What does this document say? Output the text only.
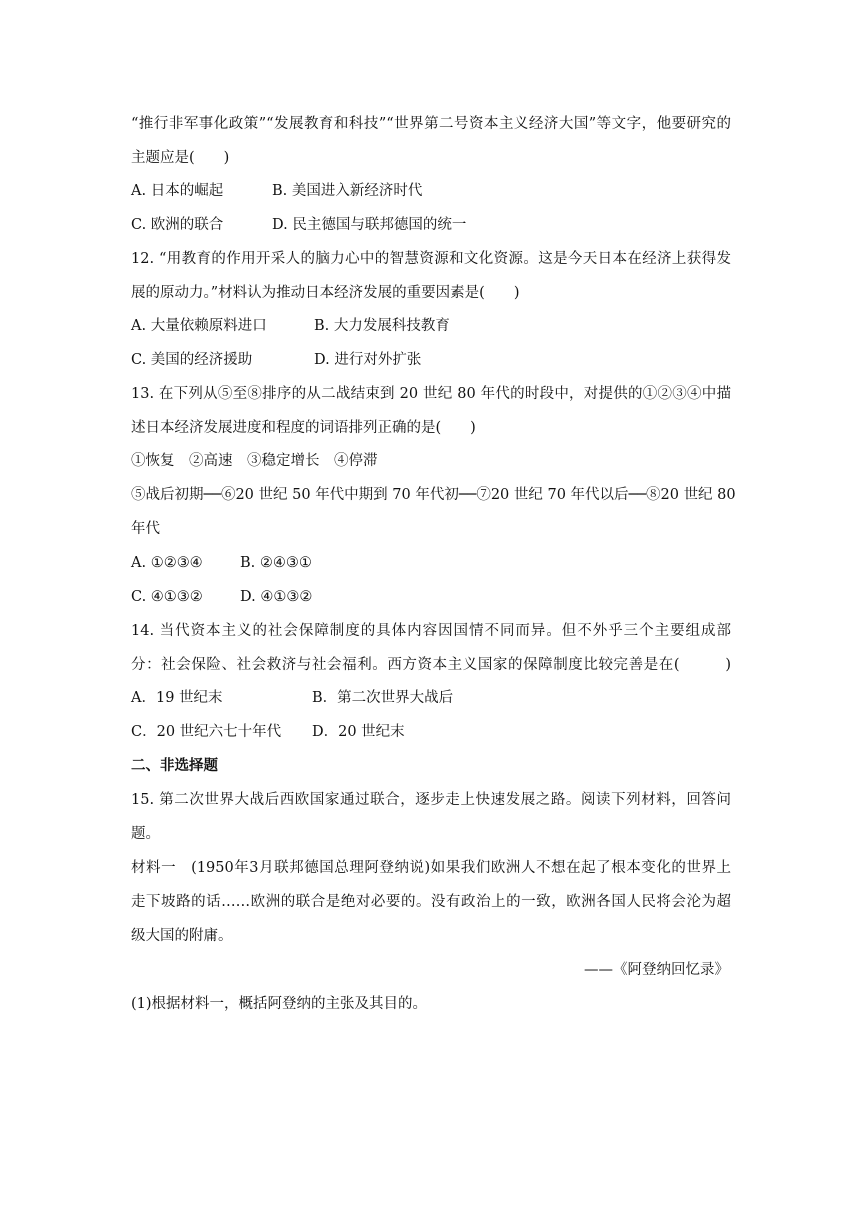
“推行非军事化政策”“发展教育和科技”“世界第二号资本主义经济大国”等文字，他要研究的
主题应是(　　)
A. 日本的崛起	B. 美国进入新经济时代
C. 欧洲的联合	D. 民主德国与联邦德国的统一
12. “用教育的作用开采人的脑力心中的智慧资源和文化资源。这是今天日本在经济上获得发
展的原动力。”材料认为推动日本经济发展的重要因素是(　　)
A. 大量依赖原料进口	B. 大力发展科技教育
C. 美国的经济援助	D. 进行对外扩张
13. 在下列从⑤至⑧排序的从二战结束到 20 世纪 80 年代的时段中，对提供的①②③④中描
述日本经济发展进度和程度的词语排列正确的是(　　)
①恢复　②高速　③稳定增长　④停滞
⑤战后初期──⑥20 世纪 50 年代中期到 70 年代初──⑦20 世纪 70 年代以后──⑧20 世纪 80
年代
A. ①②③④	B. ②④③①
C. ④①③②	D. ④①③②
14. 当代资本主义的社会保障制度的具体内容因国情不同而异。但不外乎三个主要组成部
分：社会保险、社会救济与社会福利。西方资本主义国家的保障制度比较完善是在(　　　)
A．19 世纪末	B．第二次世界大战后
C．20 世纪六七十年代 D．20 世纪末
二、非选择题
15. 第二次世界大战后西欧国家通过联合，逐步走上快速发展之路。阅读下列材料，回答问
题。
材料一　(1950年3月联邦德国总理阿登纳说)如果我们欧洲人不想在起了根本变化的世界上
走下坡路的话……欧洲的联合是绝对必要的。没有政治上的一致，欧洲各国人民将会沦为超
级大国的附庸。
——《阿登纳回忆录》
(1)根据材料一，概括阿登纳的主张及其目的。
